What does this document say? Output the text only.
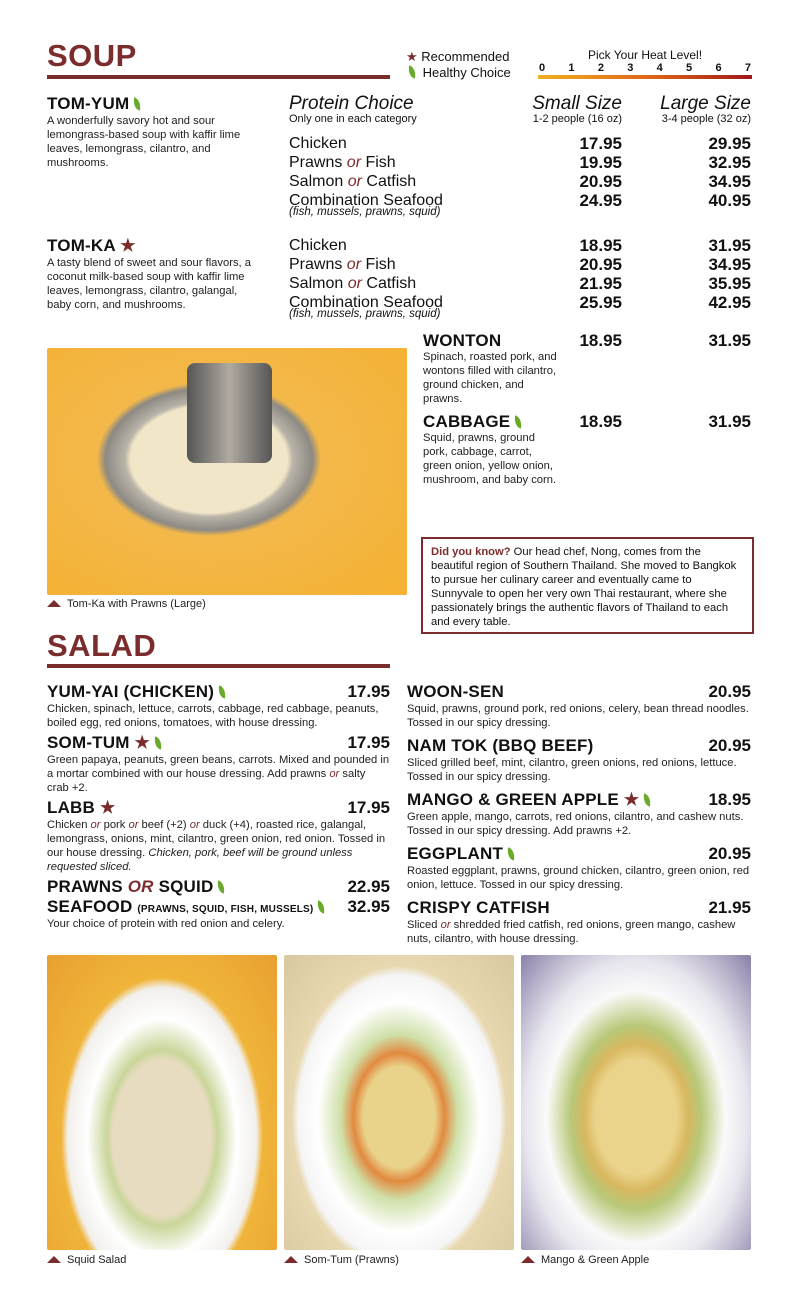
SOUP	★ Recommended
Healthy Choice
Pick Your Heat Level!
0 1 2 3 4 5 6 7
TOM-YUM
A wonderfully savory hot and sour lemongrass-based soup with kaffir lime leaves, lemongrass, cilantro, and mushrooms.
Protein Choice
Only one in each category
Small Size
1-2 people (16 oz)
Large Size
3-4 people (32 oz)
Chicken	17.95	29.95
Prawns or Fish	19.95	32.95
Salmon or Catfish	20.95	34.95
Combination Seafood	24.95	40.95
(fish, mussels, prawns, squid)
TOM-KA ★
A tasty blend of sweet and sour flavors, a coconut milk-based soup with kaffir lime leaves, lemongrass, cilantro, galangal, baby corn, and mushrooms.
Chicken	18.95	31.95
Prawns or Fish	20.95	34.95
Salmon or Catfish	21.95	35.95
Combination Seafood	25.95	42.95
(fish, mussels, prawns, squid)
Tom-Ka with Prawns (Large)
WONTON	18.95	31.95
Spinach, roasted pork, and wontons filled with cilantro, ground chicken, and prawns.
CABBAGE	18.95	31.95
Squid, prawns, ground pork, cabbage, carrot, green onion, yellow onion, mushroom, and baby corn.
Did you know? Our head chef, Nong, comes from the beautiful region of Southern Thailand. She moved to Bangkok to pursue her culinary career and eventually came to Sunnyvale to open her very own Thai restaurant, where she passionately brings the authentic flavors of Thailand to each and every table.
SALAD
YUM-YAI (CHICKEN)	17.95
Chicken, spinach, lettuce, carrots, cabbage, red cabbage, peanuts, boiled egg, red onions, tomatoes, with house dressing.
SOM-TUM ★	17.95
Green papaya, peanuts, green beans, carrots. Mixed and pounded in a mortar combined with our house dressing. Add prawns or salty crab +2.
LABB ★	17.95
Chicken or pork or beef (+2) or duck (+4), roasted rice, galangal, lemongrass, onions, mint, cilantro, green onion, red onion. Tossed in our house dressing. Chicken, pork, beef will be ground unless requested sliced.
PRAWNS OR SQUID	22.95
SEAFOOD (PRAWNS, SQUID, FISH, MUSSELS)	32.95
Your choice of protein with red onion and celery.
WOON-SEN	20.95
Squid, prawns, ground pork, red onions, celery, bean thread noodles. Tossed in our spicy dressing.
NAM TOK (BBQ BEEF)	20.95
Sliced grilled beef, mint, cilantro, green onions, red onions, lettuce. Tossed in our spicy dressing.
MANGO & GREEN APPLE ★	18.95
Green apple, mango, carrots, red onions, cilantro, and cashew nuts. Tossed in our spicy dressing. Add prawns +2.
EGGPLANT	20.95
Roasted eggplant, prawns, ground chicken, cilantro, green onion, red onion, lettuce. Tossed in our spicy dressing.
CRISPY CATFISH	21.95
Sliced or shredded fried catfish, red onions, green mango, cashew nuts, cilantro, with house dressing.
Squid Salad	Som-Tum (Prawns)	Mango & Green Apple
